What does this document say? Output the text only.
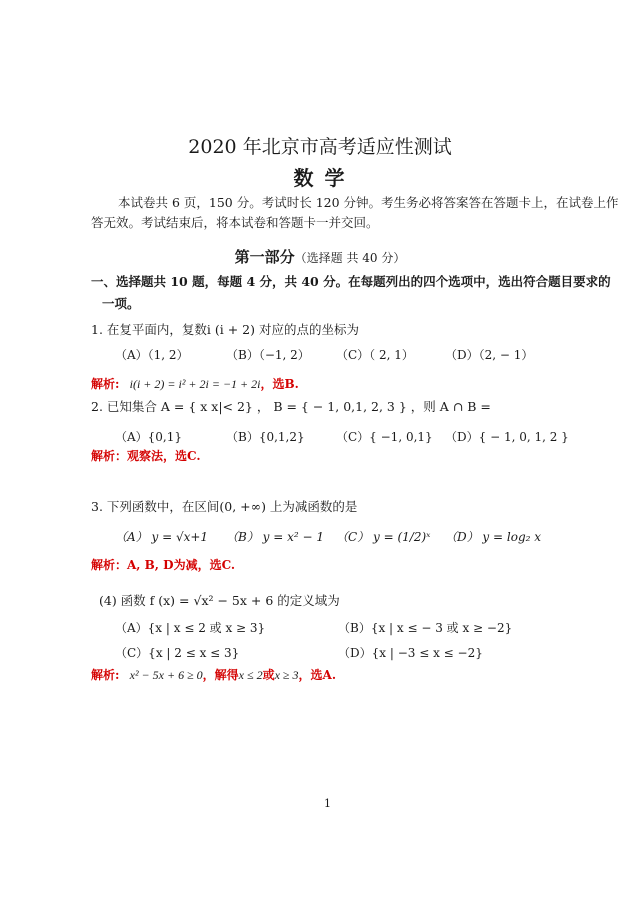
2020 年北京市高考适应性测试
数 学
本试卷共 6 页，150 分。考试时长 120 分钟。考生务必将答案答在答题卡上，在试卷上作
答无效。考试结束后，将本试卷和答题卡一并交回。
第一部分（选择题 共 40 分）
一、选择题共 10 题，每题 4 分，共 40 分。在每题列出的四个选项中，选出符合题目要求的
一项。
1. 在复平面内，复数i (i + 2) 对应的点的坐标为
（A）（1, 2）	（B）（−1, 2） （C）（ 2, 1）	（D）（2, − 1）
解析: i(i + 2) = i² + 2i = −1 + 2i，选B.
2. 已知集合 A = { x x|< 2} ， B = { − 1, 0,1, 2, 3 } ，则 A ∩ B =
（A）{0,1}	（B）{0,1,2}	（C）{ −1, 0,1} （D）{ − 1, 0, 1, 2 }
解析：观察法，选C.
3. 下列函数中，在区间(0, +∞) 上为减函数的是
（A） y = √x+1 （B） y = x² − 1 （C） y = (1/2)ˣ （D） y = log₂ x
解析：A, B, D为减，选C.
(4) 函数 f (x) = √x² − 5x + 6 的定义域为
（A）{x | x ≤ 2 或 x ≥ 3}	（B）{x | x ≤ − 3 或 x ≥ −2}
（C）{x | 2 ≤ x ≤ 3}	（D）{x | −3 ≤ x ≤ −2}
解析: x² − 5x + 6 ≥ 0，解得x ≤ 2或x ≥ 3，选A.
1
